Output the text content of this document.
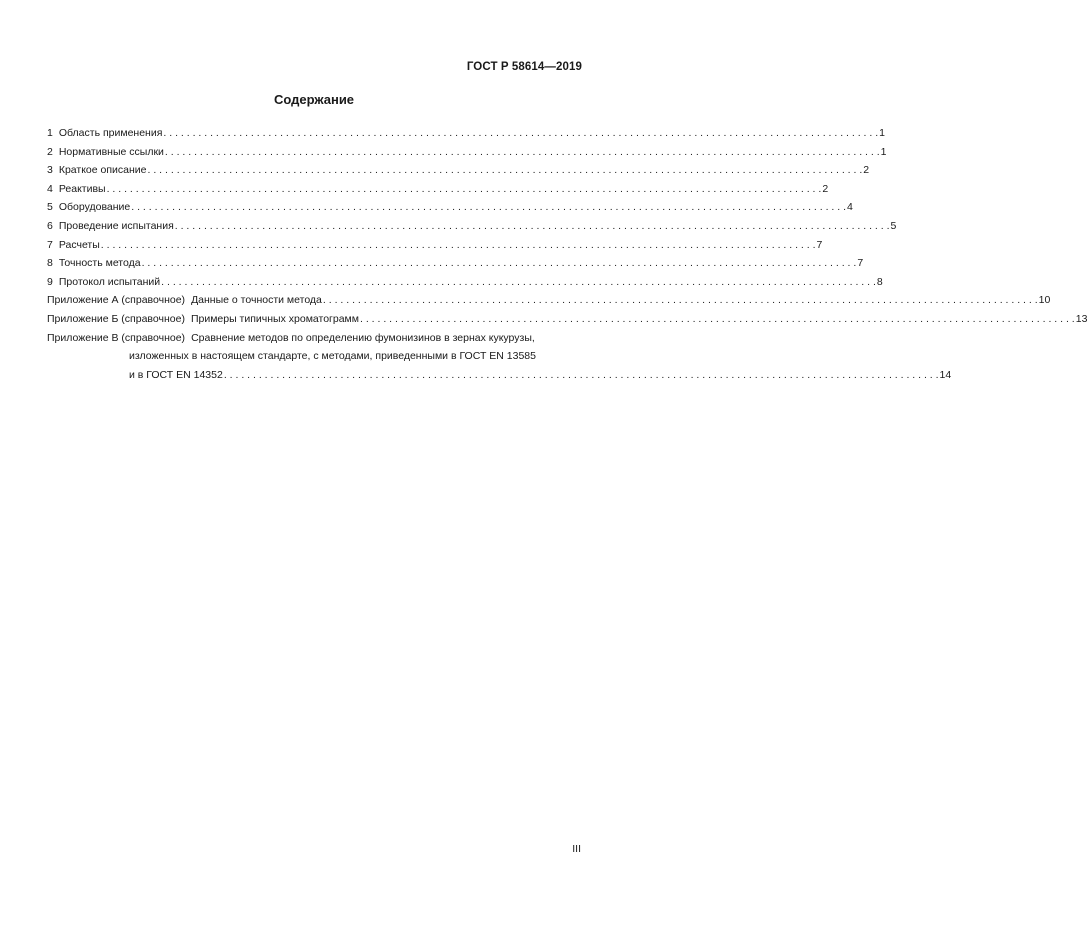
ГОСТ Р 58614—2019
Содержание
1 Область применения . . .	1
2 Нормативные ссылки . . .	1
3 Краткое описание . . .	2
4 Реактивы . . .	2
5 Оборудование . . .	4
6 Проведение испытания . . .	5
7 Расчеты . . .	7
8 Точность метода . . .	7
9 Протокол испытаний . . .	8
Приложение А (справочное) Данные о точности метода . . .	10
Приложение Б (справочное) Примеры типичных хроматограмм . . .	13
Приложение В (справочное) Сравнение методов по определению фумонизинов в зернах кукурузы,
изложенных в настоящем стандарте, с методами, приведенными в ГОСТ EN 13585
и в ГОСТ EN 14352 . . .	14
III
